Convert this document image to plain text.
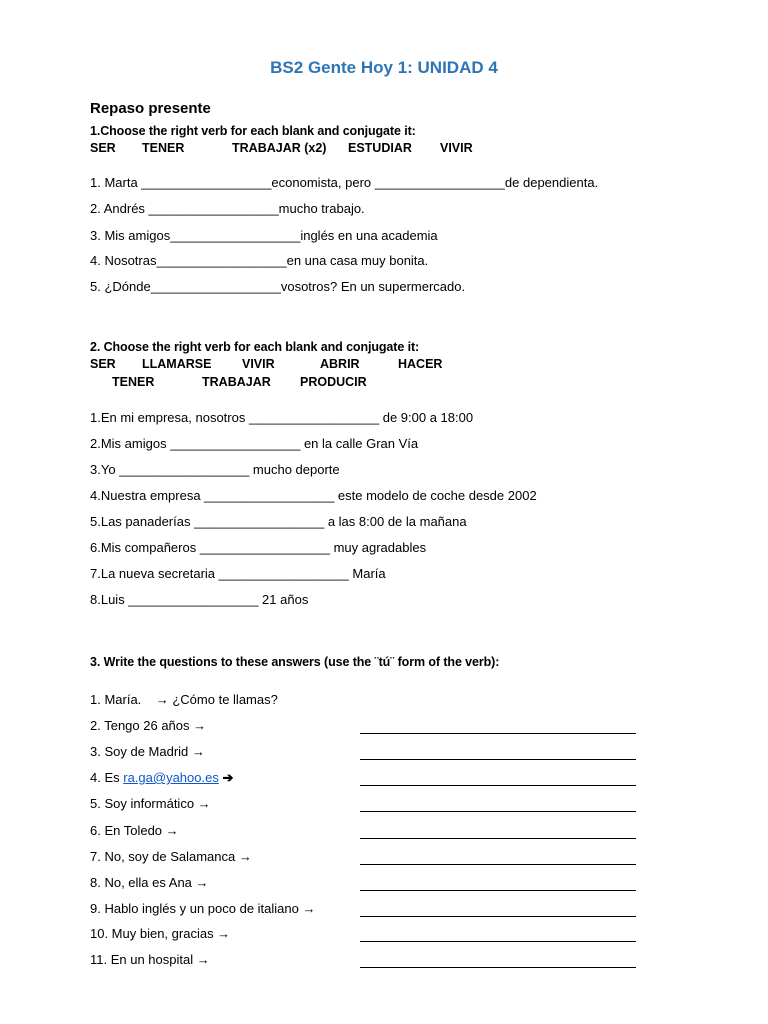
BS2 Gente Hoy 1: UNIDAD 4
Repaso presente
1.Choose the right verb for each blank and conjugate it:
SER TENER	TRABAJAR (x2) ESTUDIAR VIVIR
1. Marta __________________economista, pero __________________de dependienta.
2. Andrés __________________mucho trabajo.
3. Mis amigos__________________inglés en una academia
4. Nosotras__________________en una casa muy bonita.
5. ¿Dónde__________________vosotros? En un supermercado.
2. Choose the right verb for each blank and conjugate it:
SER LLAMARSE VIVIR	ABRIR	HACER
TENER	TRABAJAR PRODUCIR
1.En mi empresa, nosotros __________________ de 9:00 a 18:00
2.Mis amigos __________________ en la calle Gran Vía
3.Yo __________________ mucho deporte
4.Nuestra empresa __________________ este modelo de coche desde 2002
5.Las panaderías __________________ a las 8:00 de la mañana
6.Mis compañeros __________________ muy agradables
7.La nueva secretaria __________________ María
8.Luis __________________ 21 años
3. Write the questions to these answers (use the ¨tú¨ form of the verb):
1. María.    → ¿Cómo te llamas?
2. Tengo 26 años →
3. Soy de Madrid →
4. Es ra.ga@yahoo.es ➔
5. Soy informático →
6. En Toledo →
7. No, soy de Salamanca →
8. No, ella es Ana →
9. Hablo inglés y un poco de italiano →
10. Muy bien, gracias →
11. En un hospital →
